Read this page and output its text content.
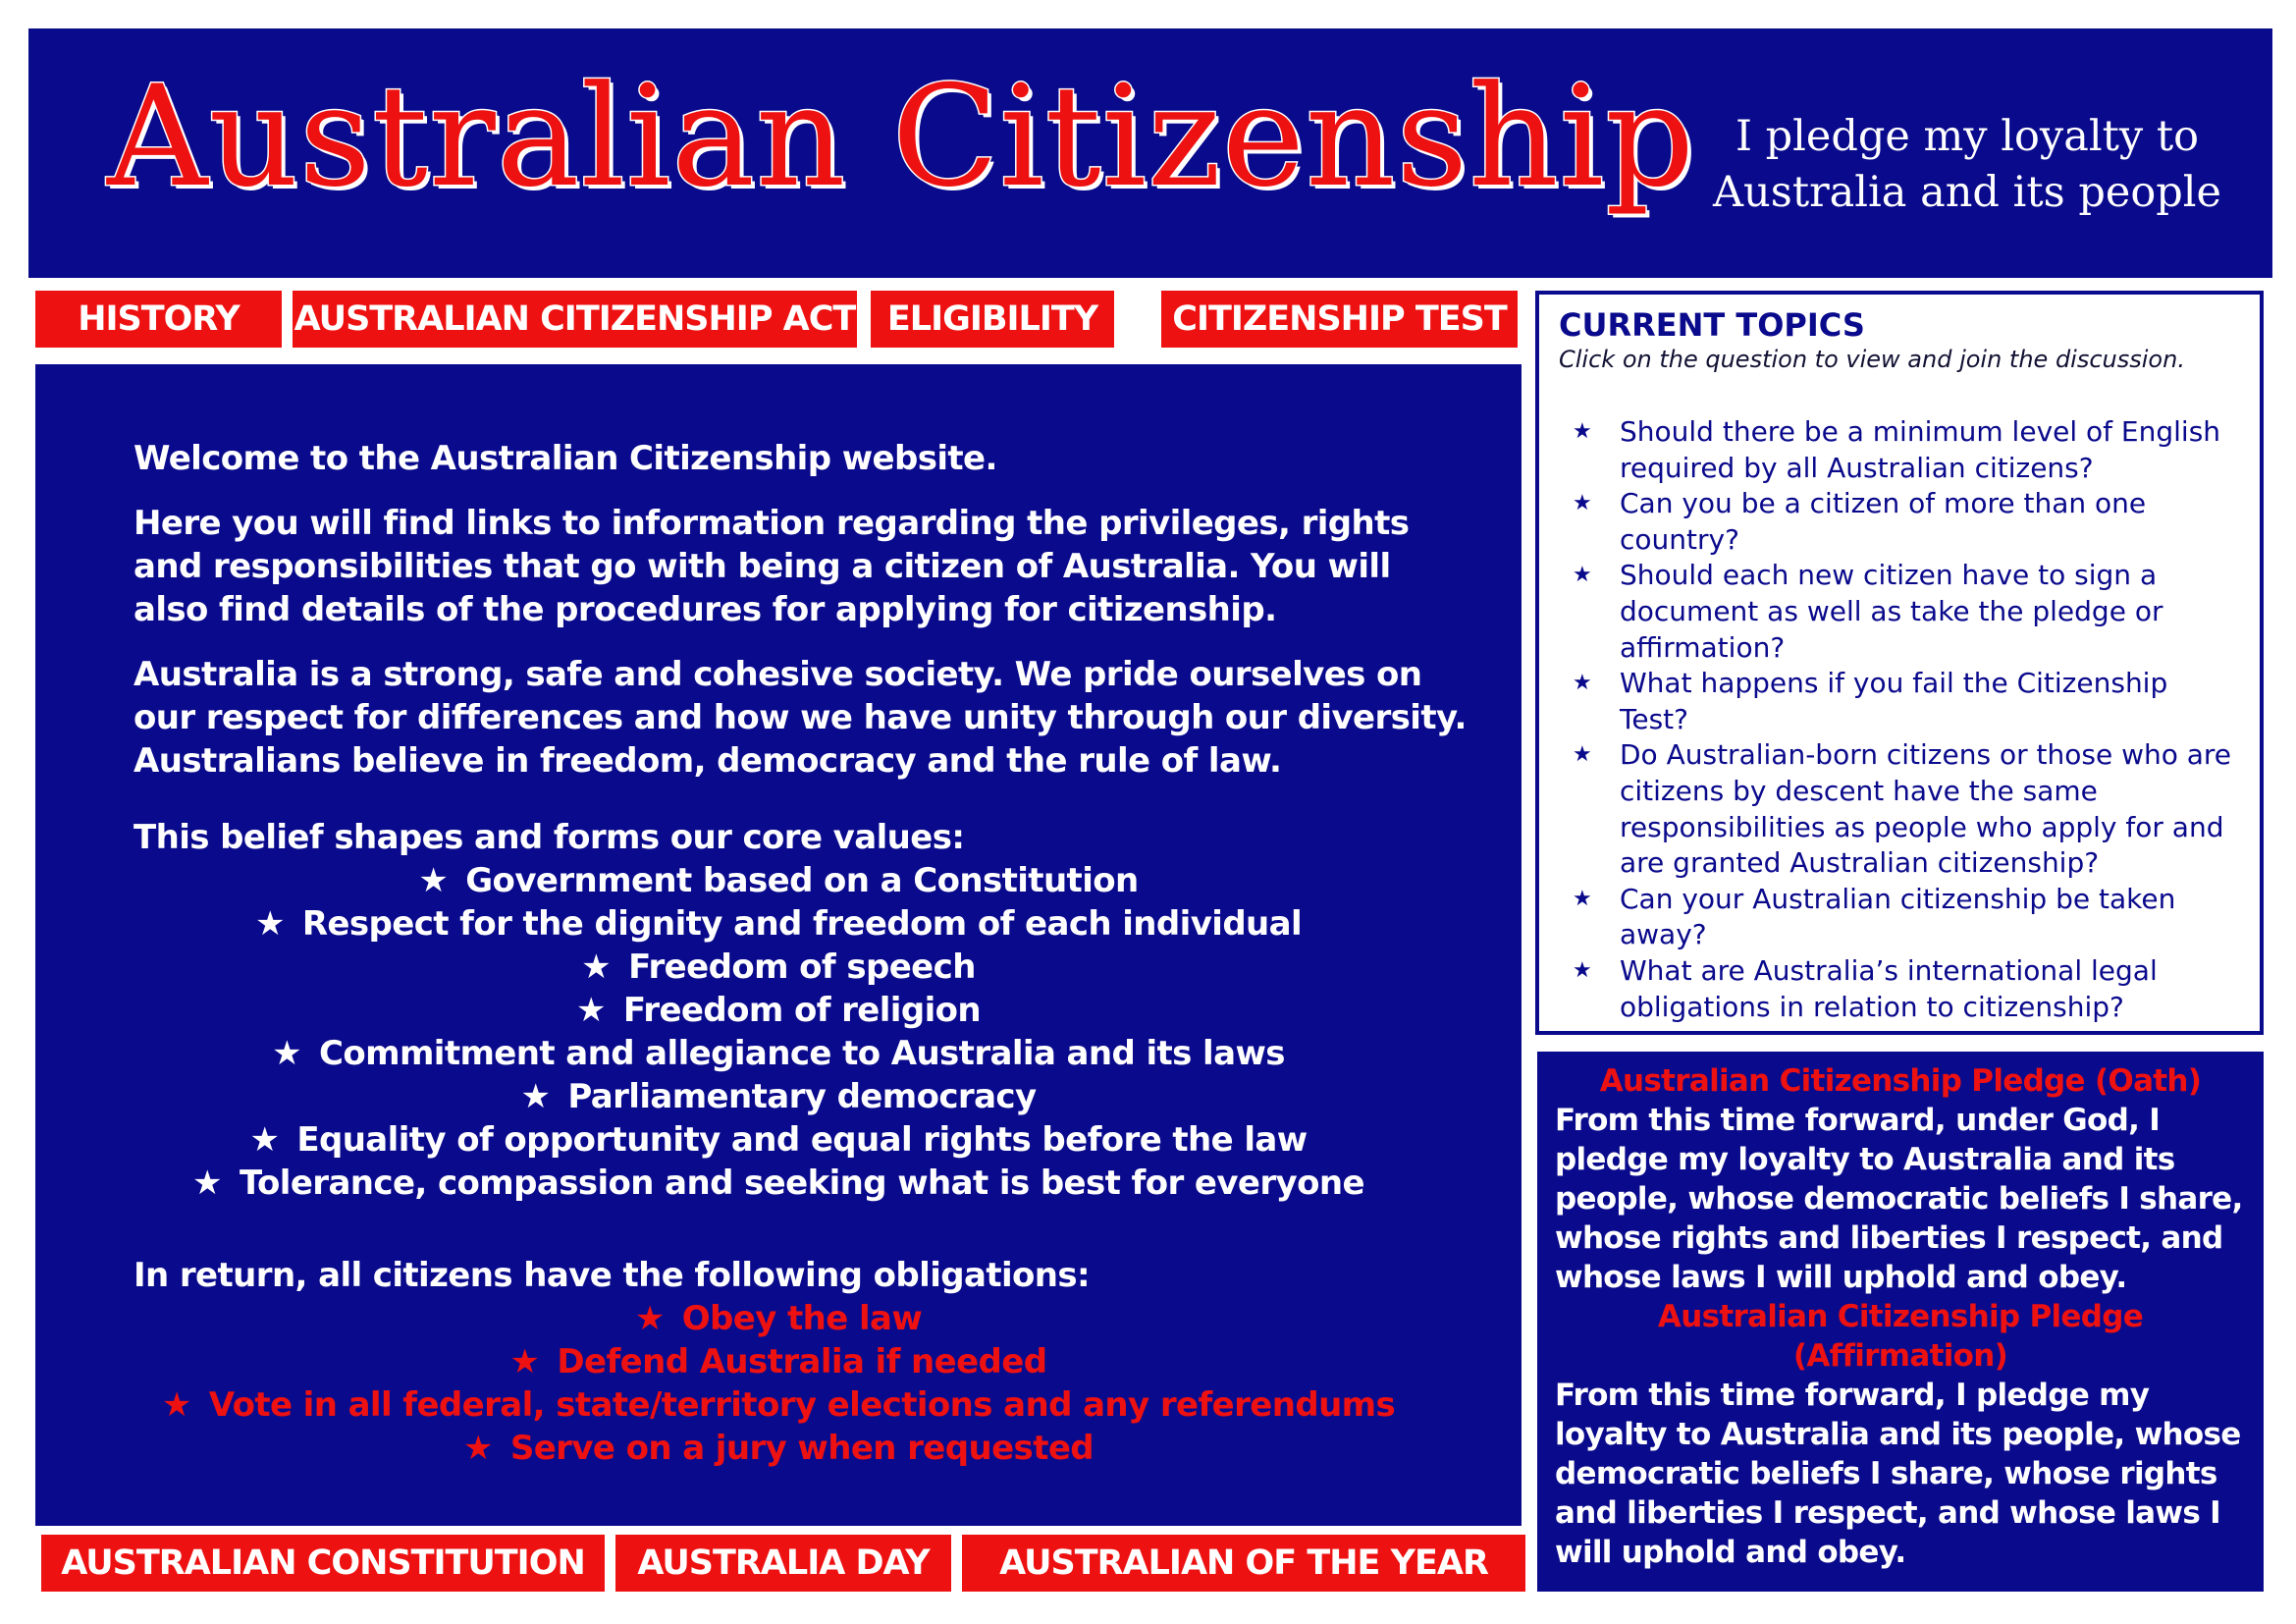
Australian Citizenship I pledge my loyalty to
Australia and its people
HISTORY	AUSTRALIAN CITIZENSHIP ACT ELIGIBILITY	CITIZENSHIP TEST

Welcome to the Australian Citizenship website.

Here you will find links to information regarding the privileges, rights and responsibilities that go with being a citizen of Australia. You will also find details of the procedures for applying for citizenship.

Australia is a strong, safe and cohesive society. We pride ourselves on our respect for differences and how we have unity through our diversity. Australians believe in freedom, democracy and the rule of law.

This belief shapes and forms our core values:

★ Government based on a Constitution
★ Respect for the dignity and freedom of each individual
★ Freedom of speech
★ Freedom of religion
★ Commitment and allegiance to Australia and its laws
★ Parliamentary democracy
★ Equality of opportunity and equal rights before the law
★ Tolerance, compassion and seeking what is best for everyone

In return, all citizens have the following obligations:

★ Obey the law
★ Defend Australia if needed
★ Vote in all federal, state/territory elections and any referendums
★ Serve on a jury when requested
CURRENT TOPICS

Click on the question to view and join the discussion.

★ Should there be a minimum level of English required by all Australian citizens?
★ Can you be a citizen of more than one country?
★ Should each new citizen have to sign a document as well as take the pledge or affirmation?
★ What happens if you fail the Citizenship Test?
★ Do Australian-born citizens or those who are citizens by descent have the same responsibilities as people who apply for and are granted Australian citizenship?
★ Can your Australian citizenship be taken away?
★ What are Australia’s international legal obligations in relation to citizenship?
Australian Citizenship Pledge (Oath)

From this time forward, under God, I pledge my loyalty to Australia and its people, whose democratic beliefs I share, whose rights and liberties I respect, and whose laws I will uphold and obey.

Australian Citizenship Pledge
(Affirmation)

From this time forward, I pledge my loyalty to Australia and its people, whose democratic beliefs I share, whose rights and liberties I respect, and whose laws I will uphold and obey.

AUSTRALIAN CONSTITUTION	AUSTRALIA DAY	AUSTRALIAN OF THE YEAR
